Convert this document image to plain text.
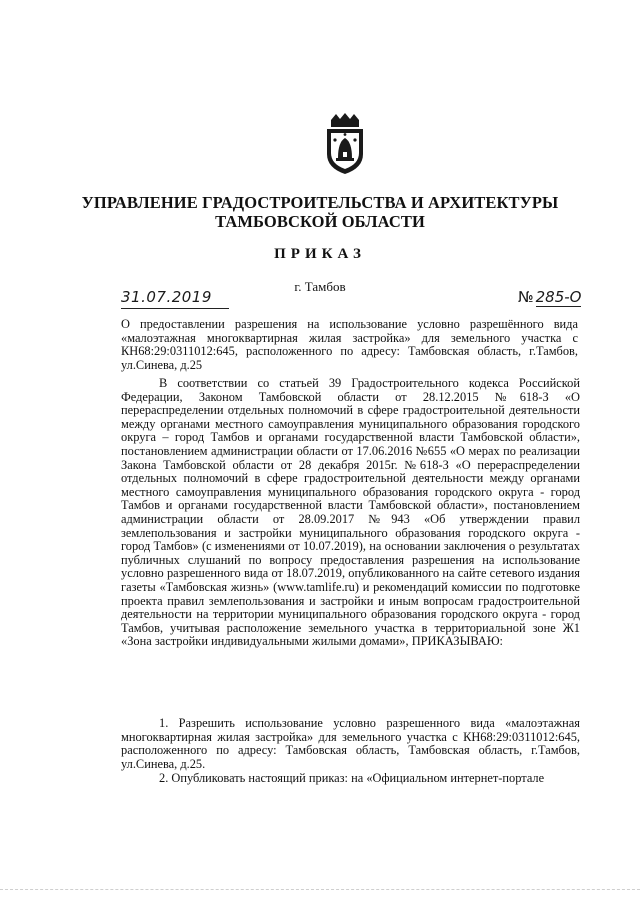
УПРАВЛЕНИЕ ГРАДОСТРОИТЕЛЬСТВА И АРХИТЕКТУРЫ
ТАМБОВСКОЙ ОБЛАСТИ
ПРИКАЗ
г. Тамбов
31.07.2019	№ 285-О
О предоставлении разрешения на использование условно разрешённого вида «малоэтажная многоквартирная жилая застройка» для земельного участка с КН68:29:0311012:645, расположенного по адресу: Тамбовская область, г.Тамбов, ул.Синева, д.25
В соответствии со статьей 39 Градостроительного кодекса Российской Федерации, Законом Тамбовской области от 28.12.2015 №618-З «О перераспределении отдельных полномочий в сфере градостроительной деятельности между органами местного самоуправления муниципального образования городского округа – город Тамбов и органами государственной власти Тамбовской области», постановлением администрации области от 17.06.2016 №655 «О мерах по реализации Закона Тамбовской области от 28 декабря 2015г. №618-З «О перераспределении отдельных полномочий в сфере градостроительной деятельности между органами местного самоуправления муниципального образования городского округа - город Тамбов и органами государственной власти Тамбовской области», постановлением администрации области от 28.09.2017 №943 «Об утверждении правил землепользования и застройки муниципального образования городского округа - город Тамбов» (с изменениями от 10.07.2019), на основании заключения о результатах публичных слушаний по вопросу предоставления разрешения на использование условно разрешенного вида от 18.07.2019, опубликованного на сайте сетевого издания газеты «Тамбовская жизнь» (www.tamlife.ru) и рекомендаций комиссии по подготовке проекта правил землепользования и застройки и иным вопросам градостроительной деятельности на территории муниципального образования городского округа - город Тамбов, учитывая расположение земельного участка в территориальной зоне Ж1 «Зона застройки индивидуальными жилыми домами», ПРИКАЗЫВАЮ:
1. Разрешить использование условно разрешенного вида «малоэтажная многоквартирная жилая застройка» для земельного участка с КН68:29:0311012:645, расположенного по адресу: Тамбовская область, Тамбовская область, г.Тамбов, ул.Синева, д.25.
2. Опубликовать настоящий приказ: на «Официальном интернет-портале
